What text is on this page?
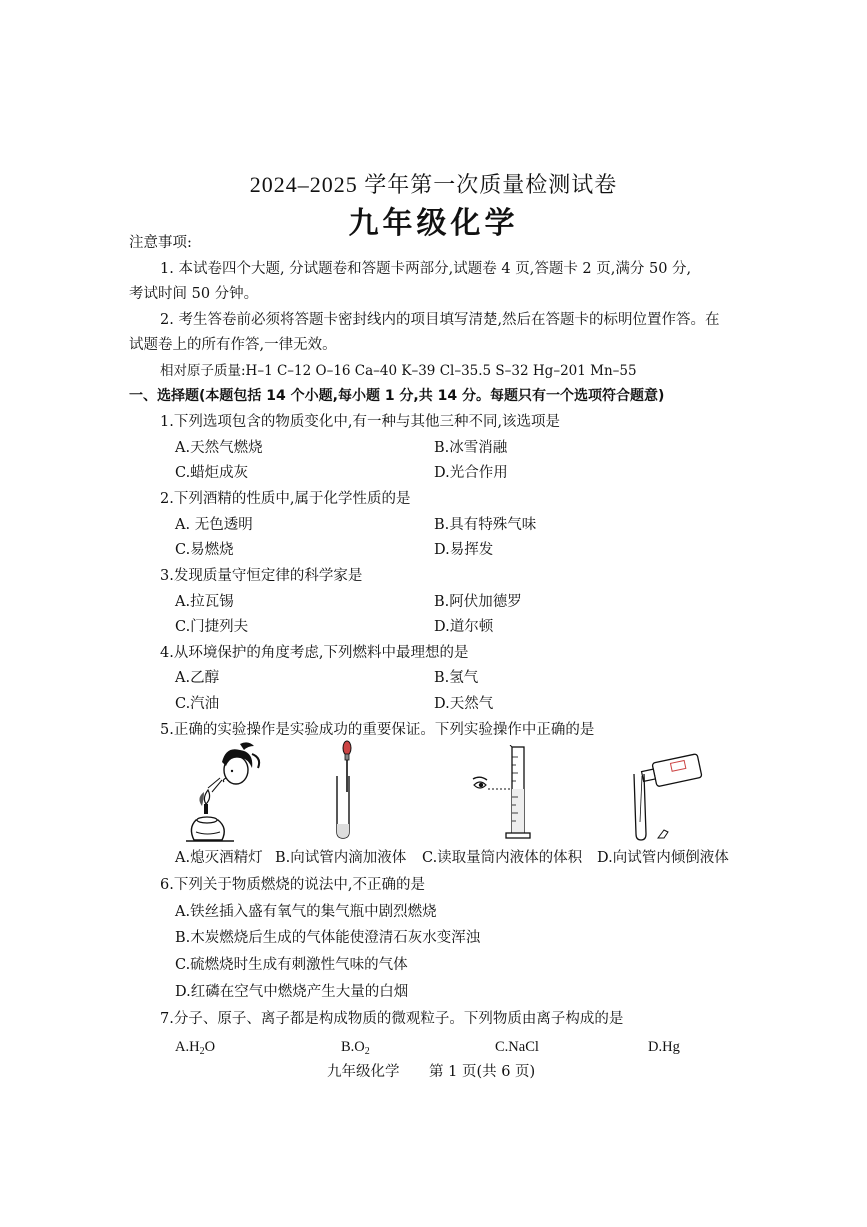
2024–2025 学年第一次质量检测试卷
九年级化学
注意事项:
1. 本试卷四个大题, 分试题卷和答题卡两部分,试题卷 4 页,答题卡 2 页,满分 50 分,
考试时间 50 分钟。
2. 考生答卷前必须将答题卡密封线内的项目填写清楚,然后在答题卡的标明位置作答。在
试题卷上的所有作答,一律无效。
相对原子质量:H–1 C–12 O–16 Ca–40 K–39 Cl–35.5 S–32 Hg–201 Mn–55
一、选择题(本题包括 14 个小题,每小题 1 分,共 14 分。每题只有一个选项符合题意)
1.下列选项包含的物质变化中,有一种与其他三种不同,该选项是
A.天然气燃烧	B.冰雪消融
C.蜡炬成灰	D.光合作用
2.下列酒精的性质中,属于化学性质的是
A. 无色透明	B.具有特殊气味
C.易燃烧	D.易挥发
3.发现质量守恒定律的科学家是
A.拉瓦锡	B.阿伏加德罗
C.门捷列夫	D.道尔顿
4.从环境保护的角度考虑,下列燃料中最理想的是
A.乙醇	B.氢气
C.汽油	D.天然气
5.正确的实验操作是实验成功的重要保证。下列实验操作中正确的是
A.熄灭酒精灯 B.向试管内滴加液体 C.读取量筒内液体的体积 D.向试管内倾倒液体
6.下列关于物质燃烧的说法中,不正确的是
A.铁丝插入盛有氧气的集气瓶中剧烈燃烧
B.木炭燃烧后生成的气体能使澄清石灰水变浑浊
C.硫燃烧时生成有刺激性气味的气体
D.红磷在空气中燃烧产生大量的白烟
7.分子、原子、离子都是构成物质的微观粒子。下列物质由离子构成的是
$A.H_2O$	$B.O_2$	C.NaCl	D.Hg
九年级化学 第 1 页(共 6 页)
